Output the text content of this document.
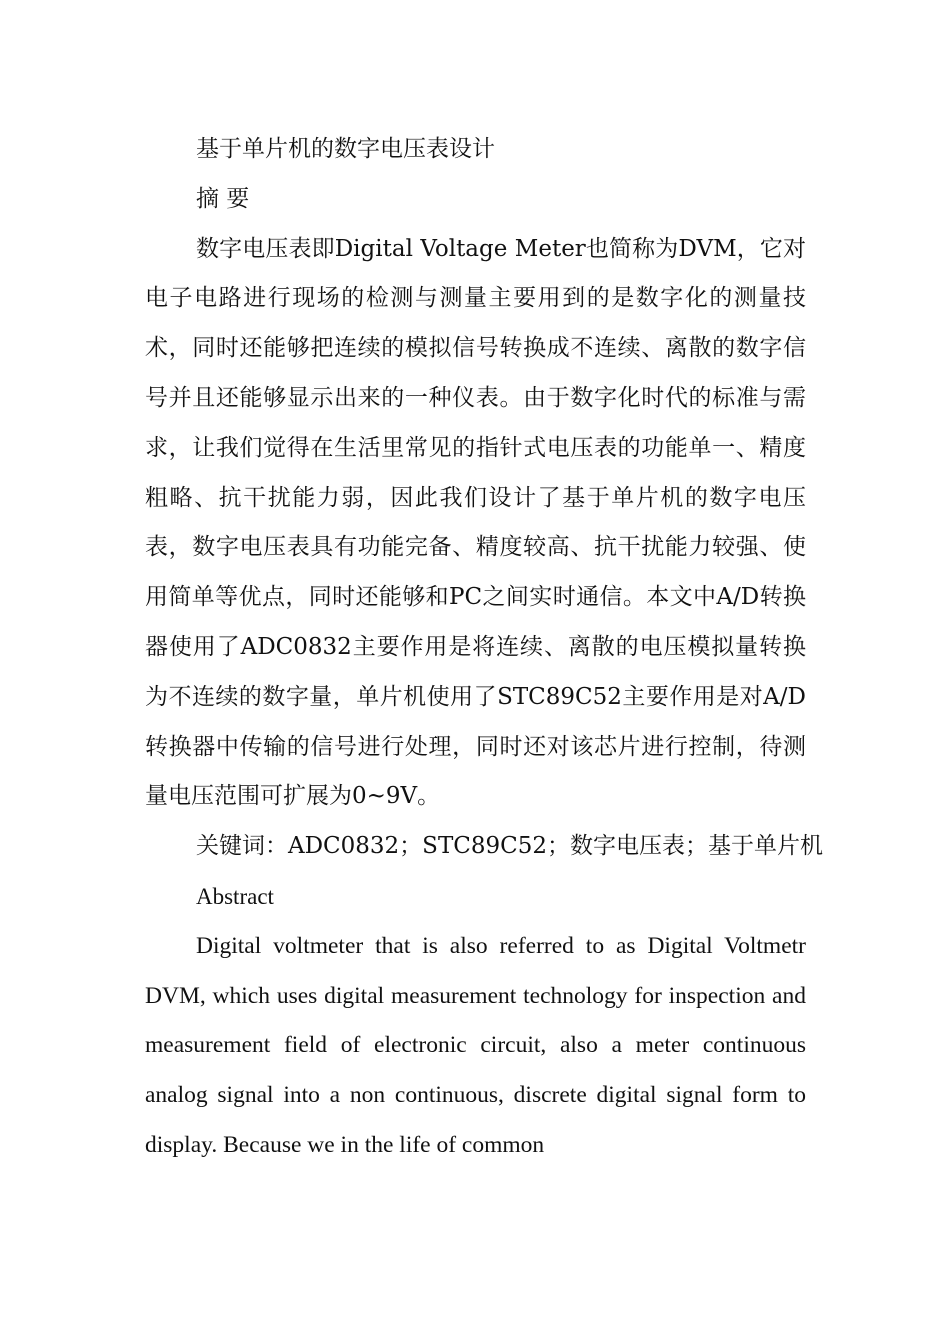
基于单片机的数字电压表设计

摘 要

数字电压表即Digital Voltage Meter也简称为DVM，它对电子电路进行现场的检测与测量主要用到的是数字化的测量技术，同时还能够把连续的模拟信号转换成不连续、离散的数字信号并且还能够显示出来的一种仪表。由于数字化时代的标准与需求，让我们觉得在生活里常见的指针式电压表的功能单一、精度粗略、抗干扰能力弱，因此我们设计了基于单片机的数字电压表，数字电压表具有功能完备、精度较高、抗干扰能力较强、使用简单等优点，同时还能够和PC之间实时通信。本文中A/D转换器使用了ADC0832主要作用是将连续、离散的电压模拟量转换为不连续的数字量，单片机使用了STC89C52主要作用是对A/D转换器中传输的信号进行处理，同时还对该芯片进行控制，待测量电压范围可扩展为0~9V。

关键词：ADC0832；STC89C52；数字电压表；基于单片机

Abstract

Digital voltmeter that is also referred to as Digital Voltmetr DVM, which uses digital measurement technology for inspection and measurement field of electronic circuit, also a meter continuous analog signal into a non continuous, discrete digital signal form to display. Because we in the life of common
